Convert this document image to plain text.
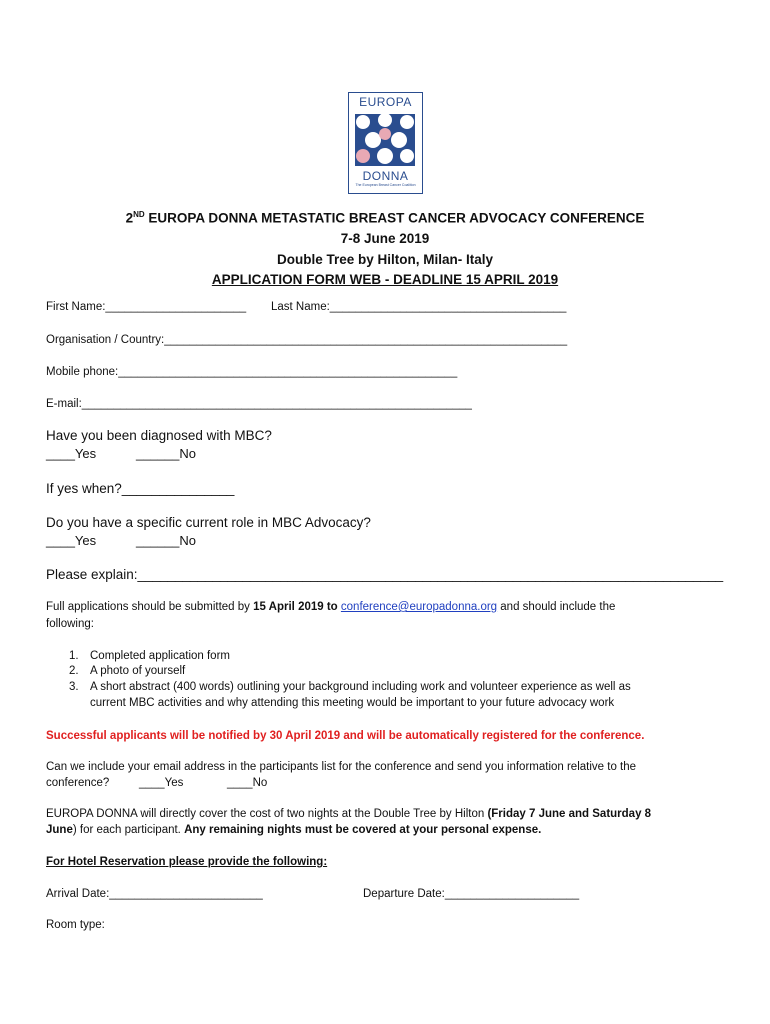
EUROPA
DONNA
The European Breast Cancer Coalition
2ND EUROPA DONNA METASTATIC BREAST CANCER ADVOCACY CONFERENCE
7-8 June 2019
Double Tree by Hilton, Milan- Italy
APPLICATION FORM WEB - DEADLINE 15 APRIL 2019
First Name:______________________ Last Name:_____________________________________
Organisation / Country:_______________________________________________________________
Mobile phone:_____________________________________________________
E-mail:_____________________________________________________________
Have you been diagnosed with MBC?
____Yes	______No
If yes when?_______________
Do you have a specific current role in MBC Advocacy?
____Yes	______No
Please explain:______________________________________________________________________________
Full applications should be submitted by 15 April 2019 to conference@europadonna.org and should include the
following:
1. Completed application form
2. A photo of yourself
3. A short abstract (400 words) outlining your background including work and volunteer experience as well as
current MBC activities and why attending this meeting would be important to your future advocacy work
Successful applicants will be notified by 30 April 2019 and will be automatically registered for the conference.
Can we include your email address in the participants list for the conference and send you information relative to the
conference?	____Yes	____No
EUROPA DONNA will directly cover the cost of two nights at the Double Tree by Hilton (Friday 7 June and Saturday 8
June) for each participant. Any remaining nights must be covered at your personal expense.
For Hotel Reservation please provide the following:
Arrival Date:________________________	Departure Date:_____________________
Room type:
